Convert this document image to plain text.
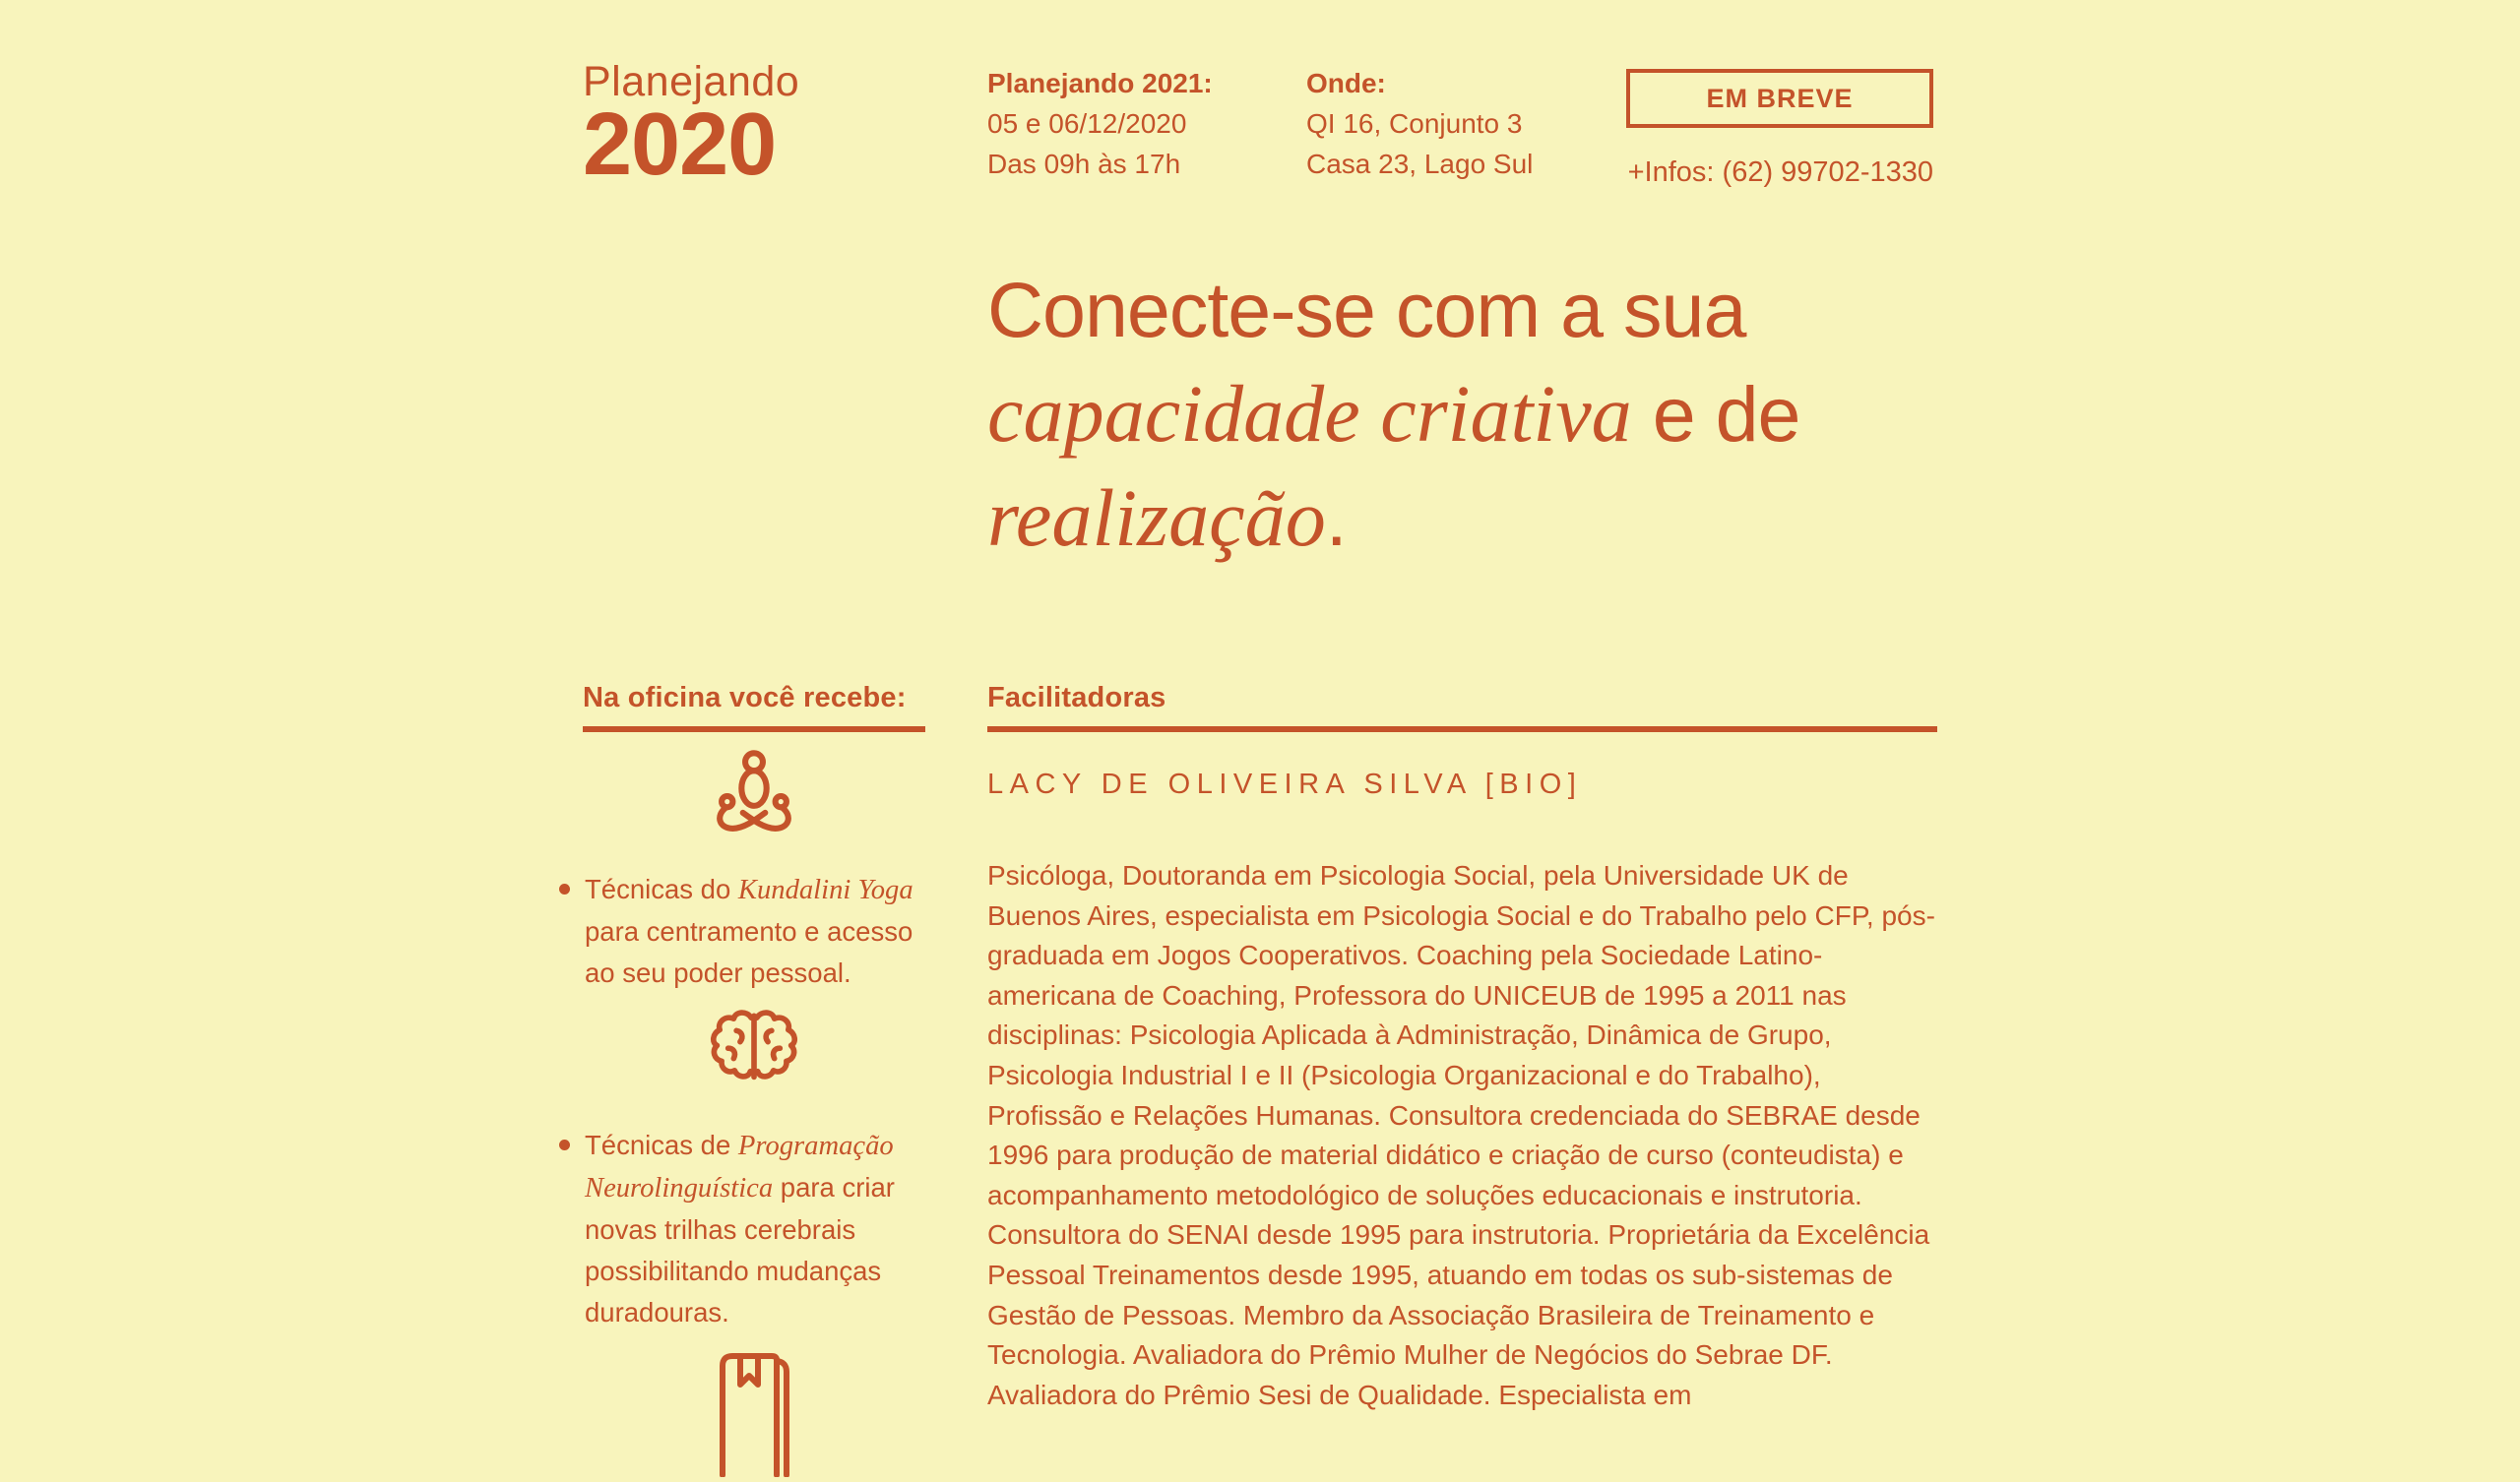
Planejando
2020
Planejando 2021:
05 e 06/12/2020
Das 09h às 17h
Onde:
QI 16, Conjunto 3
Casa 23, Lago Sul
EM BREVE
+Infos: (62) 99702-1330
Conecte-se com a sua
capacidade criativa e de
realização.
Na oficina você recebe:
Técnicas do Kundalini Yoga para centramento e acesso ao seu poder pessoal.
Técnicas de Programação Neurolinguística para criar novas trilhas cerebrais possibilitando mudanças duradouras.
Facilitadoras
LACY DE OLIVEIRA SILVA [BIO]

Psicóloga, Doutoranda em Psicologia Social, pela Universidade UK de Buenos Aires, especialista em Psicologia Social e do Trabalho pelo CFP, pós-graduada em Jogos Cooperativos. Coaching pela Sociedade Latino-americana de Coaching, Professora do UNICEUB de 1995 a 2011 nas disciplinas: Psicologia Aplicada à Administração, Dinâmica de Grupo, Psicologia Industrial I e II (Psicologia Organizacional e do Trabalho), Profissão e Relações Humanas. Consultora credenciada do SEBRAE desde 1996 para produção de material didático e criação de curso (conteudista) e acompanhamento metodológico de soluções educacionais e instrutoria. Consultora do SENAI desde 1995 para instrutoria. Proprietária da Excelência Pessoal Treinamentos desde 1995, atuando em todas os sub-sistemas de Gestão de Pessoas. Membro da Associação Brasileira de Treinamento e Tecnologia. Avaliadora do Prêmio Mulher de Negócios do Sebrae DF. Avaliadora do Prêmio Sesi de Qualidade. Especialista em
